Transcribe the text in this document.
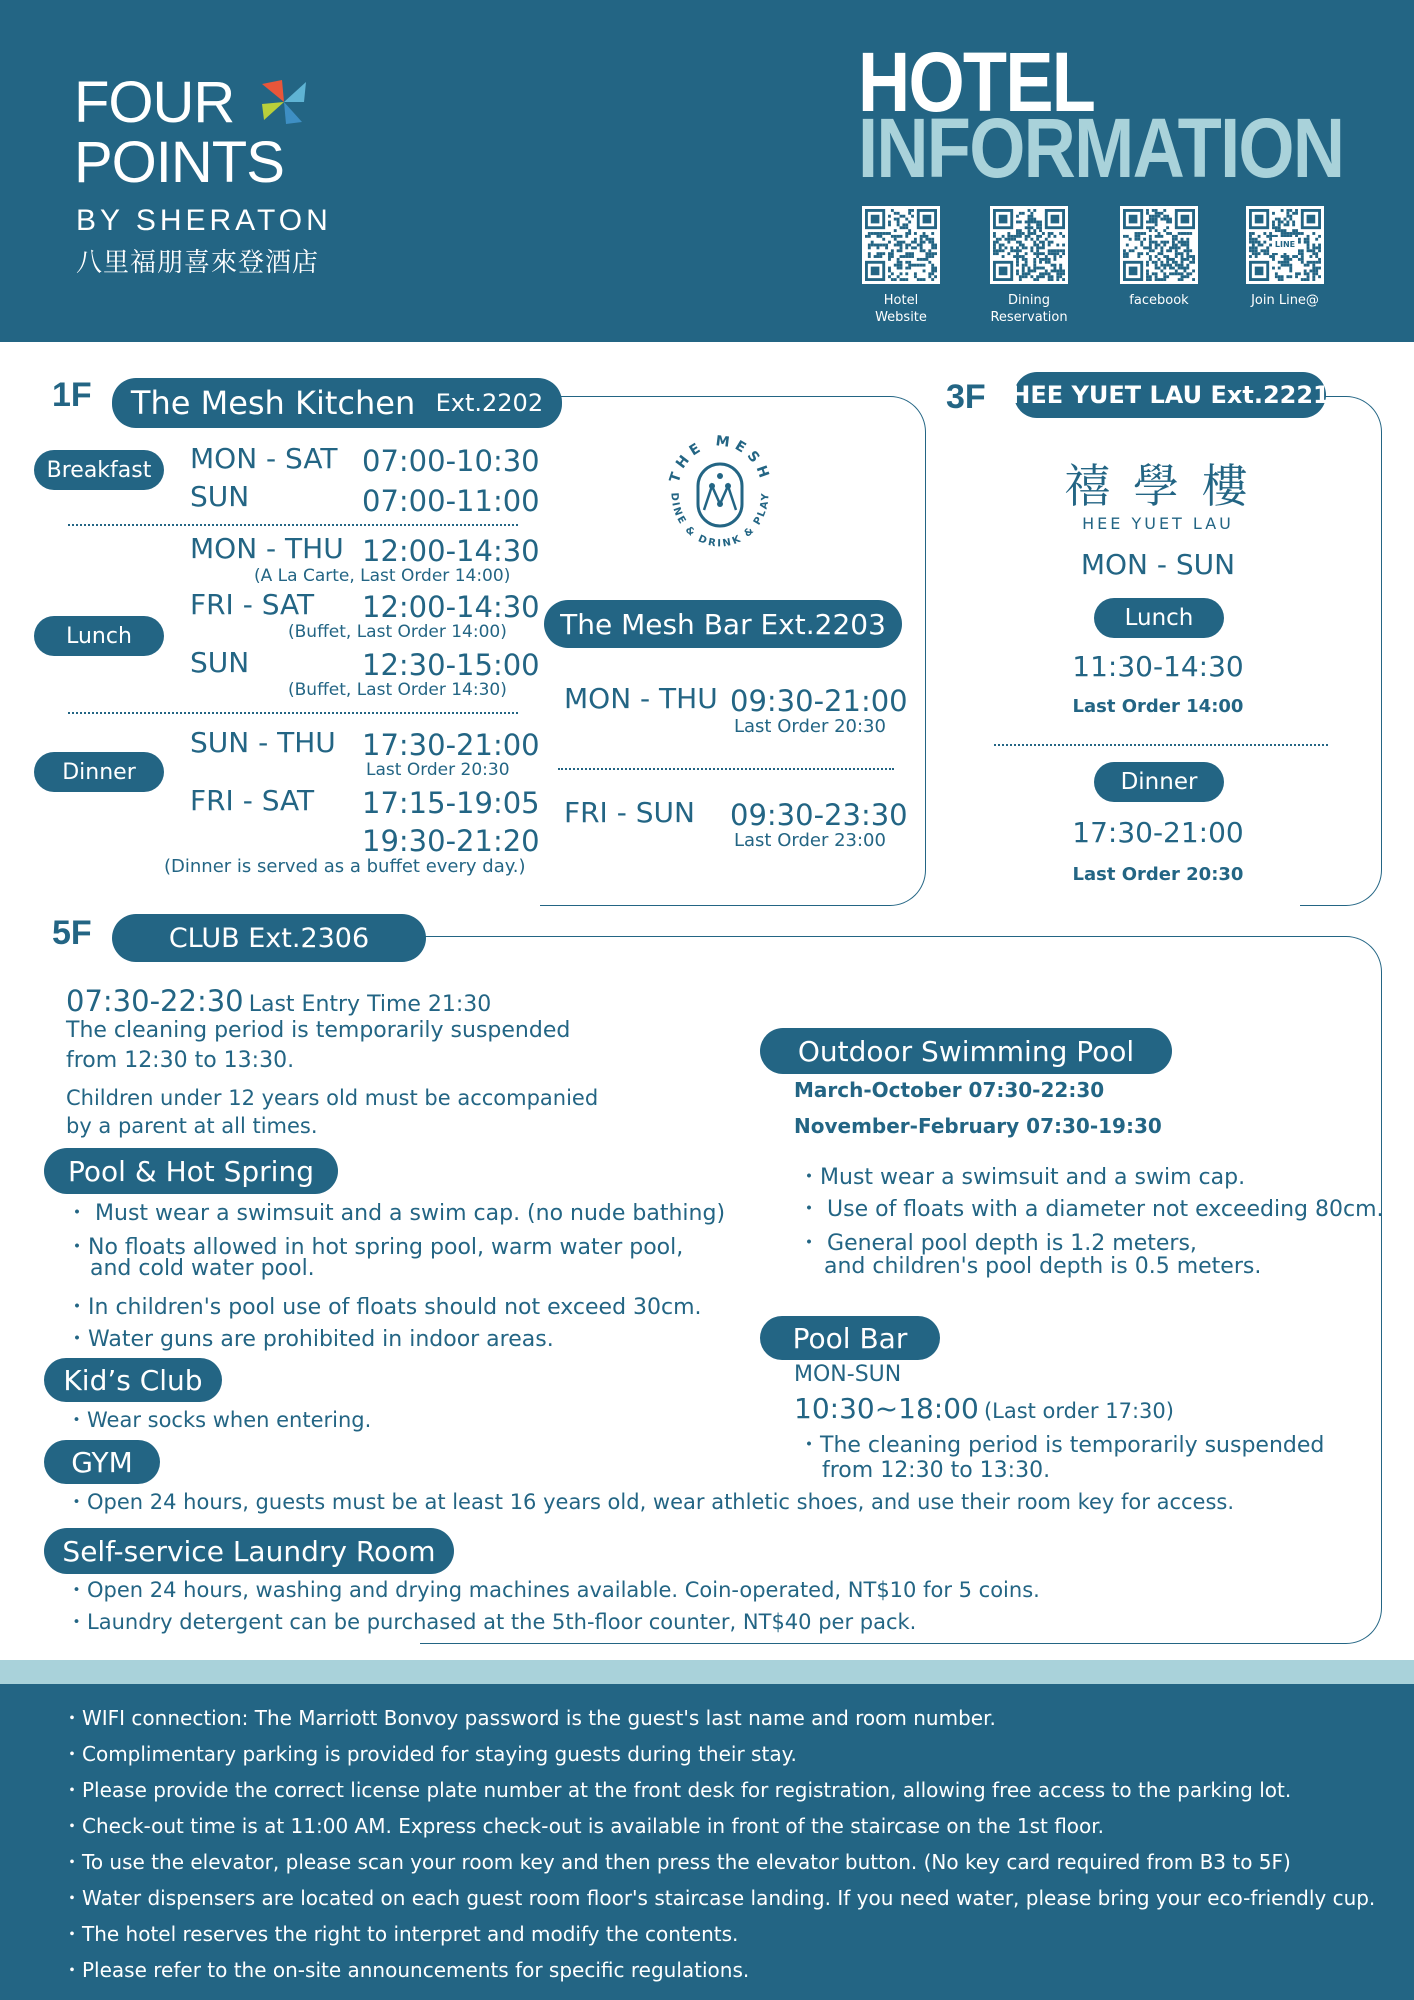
FOUR
POINTS
BY SHERATON
八里福朋喜來登酒店
HOTEL
INFORMATION
LINE
Hotel
Website
Dining
Reservation
facebook	Join Line@
1F The Mesh Kitchen
Ext.2202
Breakfast	MON - SAT 07:00-10:30
SUN	07:00-11:00
Lunch
MON - THU 12:00-14:30
(A La Carte, Last Order 14:00)
FRI - SAT 12:00-14:30
(Buffet, Last Order 14:00)
SUN	12:30-15:00
(Buffet, Last Order 14:30)
Dinner
SUN - THU 17:30-21:00
Last Order 20:30
FRI - SAT 17:15-19:05
19:30-21:20
(Dinner is served as a buffet every day.)
THE MESH
DINE & DRINK & PLAY
The Mesh Bar Ext.2203
MON - THU 09:30-21:00
Last Order 20:30
FRI - SUN 09:30-23:30
Last Order 23:00
3F HEE YUET LAU Ext.2221
禧 學 樓
HEE YUET LAU
MON - SUN
Lunch
11:30-14:30
Last Order 14:00
Dinner
17:30-21:00
Last Order 20:30
5F	CLUB Ext.2306
07:30-22:30 Last Entry Time 21:30
The cleaning period is temporarily suspended
from 12:30 to 13:30.
Children under 12 years old must be accompanied
by a parent at all times.
Pool & Hot Spring
・ Must wear a swimsuit and a swim cap. (no nude bathing)
・No floats allowed in hot spring pool, warm water pool,
and cold water pool.
・In children's pool use of floats should not exceed 30cm.
・Water guns are prohibited in indoor areas.
Kid’s Club
・Wear socks when entering.
GYM
・Open 24 hours, guests must be at least 16 years old, wear athletic shoes, and use their room key for access.
Self-service Laundry Room
・Open 24 hours, washing and drying machines available. Coin-operated, NT$10 for 5 coins.
・Laundry detergent can be purchased at the 5th-floor counter, NT$40 per pack.
Outdoor Swimming Pool
March-October 07:30-22:30
November-February 07:30-19:30
・Must wear a swimsuit and a swim cap.
・ Use of floats with a diameter not exceeding 80cm.
・ General pool depth is 1.2 meters,
and children's pool depth is 0.5 meters.
Pool Bar
MON-SUN
10:30~18:00 (Last order 17:30)
・The cleaning period is temporarily suspended
from 12:30 to 13:30.
・WIFI connection: The Marriott Bonvoy password is the guest's last name and room number.
・Complimentary parking is provided for staying guests during their stay.
・Please provide the correct license plate number at the front desk for registration, allowing free access to the parking lot.
・Check-out time is at 11:00 AM. Express check-out is available in front of the staircase on the 1st floor.
・To use the elevator, please scan your room key and then press the elevator button. (No key card required from B3 to 5F)
・Water dispensers are located on each guest room floor's staircase landing. If you need water, please bring your eco-friendly cup.
・The hotel reserves the right to interpret and modify the contents.
・Please refer to the on-site announcements for specific regulations.
